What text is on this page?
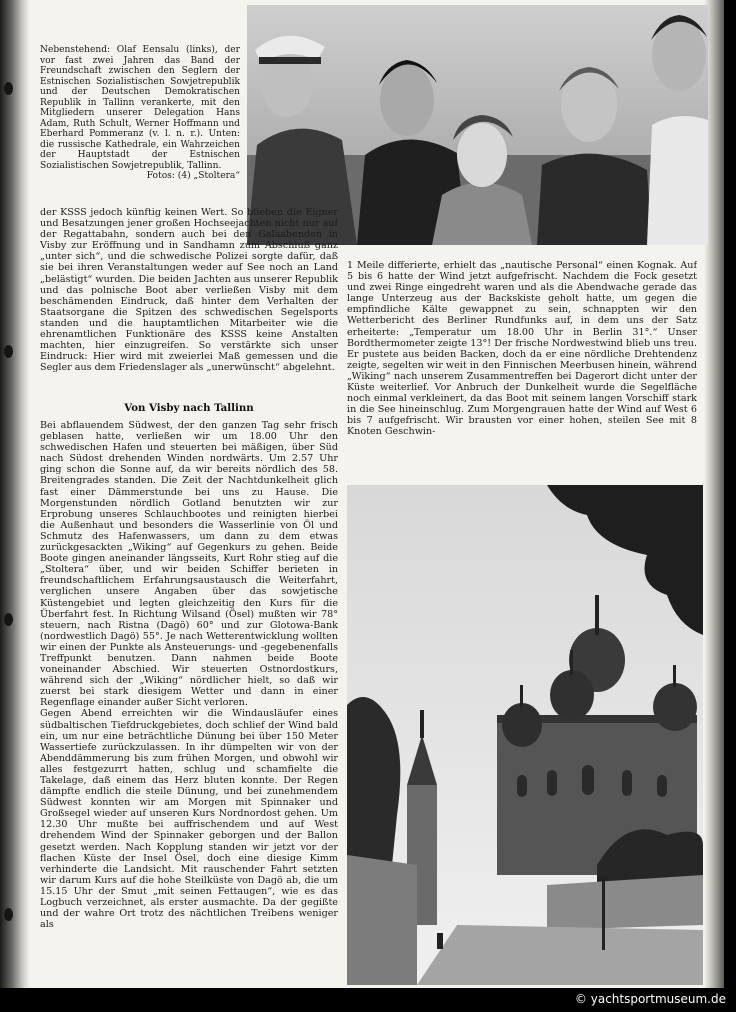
Nebenstehend: Olaf Eensalu (links), der vor fast zwei Jahren das Band der Freundschaft zwischen den Seglern der Estnischen Sozialistischen Sowjetrepublik und der Deutschen Demokratischen Republik in Tallinn verankerte, mit den Mitgliedern unserer Delegation Hans Adam, Ruth Schult, Werner Hoffmann und Eberhard Pommeranz (v. l. n. r.). Unten: die russische Kathedrale, ein Wahrzeichen der Hauptstadt der Estnischen Sozialistischen Sowjetrepublik, Tallinn.

Fotos: (4) „Stoltera“

der KSSS jedoch künftig keinen Wert. So blieben die Eigner und Besatzungen jener großen Hochseejachten nicht nur auf der Regattabahn, sondern auch bei den Galaabenden in Visby zur Eröffnung und in Sandhamn zum Abschluß ganz „unter sich“, und die schwedische Polizei sorgte dafür, daß sie bei ihren Veranstaltungen weder auf See noch an Land „belästigt“ wurden. Die beiden Jachten aus unserer Republik und das polnische Boot aber verließen Visby mit dem beschämenden Eindruck, daß hinter dem Verhalten der Staatsorgane die Spitzen des schwedischen Segelsports standen und die hauptamtlichen Mitarbeiter wie die ehrenamtlichen Funktionäre des KSSS keine Anstalten machten, hier einzugreifen. So verstärkte sich unser Eindruck: Hier wird mit zweierlei Maß gemessen und die Segler aus dem Friedenslager als „unerwünscht“ abgelehnt.

Von Visby nach Tallinn

Bei abflauendem Südwest, der den ganzen Tag sehr frisch geblasen hatte, verließen wir um 18.00 Uhr den schwedischen Hafen und steuerten bei mäßigen, über Süd nach Südost drehenden Winden nordwärts. Um 2.57 Uhr ging schon die Sonne auf, da wir bereits nördlich des 58. Breitengrades standen. Die Zeit der Nachtdunkelheit glich fast einer Dämmerstunde bei uns zu Hause. Die Morgenstunden nördlich Gotland benutzten wir zur Erprobung unseres Schlauchbootes und reinigten hierbei die Außenhaut und besonders die Wasserlinie von Öl und Schmutz des Hafenwassers, um dann zu dem etwas zurückgesackten „Wiking“ auf Gegenkurs zu gehen. Beide Boote gingen aneinander längsseits, Kurt Rohr stieg auf die „Stoltera“ über, und wir beiden Schiffer berieten in freundschaftlichem Erfahrungsaustausch die Weiterfahrt, verglichen unsere Angaben über das sowjetische Küstengebiet und legten gleichzeitig den Kurs für die Überfahrt fest. In Richtung Wilsand (Ösel) mußten wir 78° steuern, nach Ristna (Dagö) 60° und zur Glotowa-Bank (nordwestlich Dagö) 55°. Je nach Wetterentwicklung wollten wir einen der Punkte als Ansteuerungs- und -gegebenenfalls Treffpunkt benutzen. Dann nahmen beide Boote voneinander Abschied. Wir steuerten Ostnordostkurs, während sich der „Wiking“ nördlicher hielt, so daß wir zuerst bei stark diesigem Wetter und dann in einer Regenflage einander außer Sicht verloren.

Gegen Abend erreichten wir die Windausläufer eines südbaltischen Tiefdruckgebietes, doch schlief der Wind bald ein, um nur eine beträchtliche Dünung bei über 150 Meter Wassertiefe zurückzulassen. In ihr dümpelten wir von der Abenddämmerung bis zum frühen Morgen, und obwohl wir alles festgezurrt hatten, schlug und schamfielte die Takelage, daß einem das Herz bluten konnte. Der Regen dämpfte endlich die steile Dünung, und bei zunehmendem Südwest konnten wir am Morgen mit Spinnaker und Großsegel wieder auf unseren Kurs Nordnordost gehen. Um 12.30 Uhr mußte bei auffrischendem und auf West drehendem Wind der Spinnaker geborgen und der Ballon gesetzt werden. Nach Kopplung standen wir jetzt vor der flachen Küste der Insel Ösel, doch eine diesige Kimm verhinderte die Landsicht. Mit rauschender Fahrt setzten wir darum Kurs auf die hohe Steilküste von Dagö ab, die um 15.15 Uhr der Smut „mit seinen Fettaugen“, wie es das Logbuch verzeichnet, als erster ausmachte. Da der gegißte und der wahre Ort trotz des nächtlichen Treibens weniger als

1 Meile differierte, erhielt das „nautische Personal“ einen Kognak. Auf 5 bis 6 hatte der Wind jetzt aufgefrischt. Nachdem die Fock gesetzt und zwei Ringe eingedreht waren und als die Abendwache gerade das lange Unterzeug aus der Backskiste geholt hatte, um gegen die empfindliche Kälte gewappnet zu sein, schnappten wir den Wetterbericht des Berliner Rundfunks auf, in dem uns der Satz erheiterte: „Temperatur um 18.00 Uhr in Berlin 31°.“ Unser Bordthermometer zeigte 13°! Der frische Nordwestwind blieb uns treu. Er pustete aus beiden Backen, doch da er eine nördliche Drehtendenz zeigte, segelten wir weit in den Finnischen Meerbusen hinein, während „Wiking“ nach unserem Zusammentreffen bei Dagerort dicht unter der Küste weiterlief. Vor Anbruch der Dunkelheit wurde die Segelfläche noch einmal verkleinert, da das Boot mit seinem langen Vorschiff stark in die See hineinschlug. Zum Morgengrauen hatte der Wind auf West 6 bis 7 aufgefrischt. Wir brausten vor einer hohen, steilen See mit 8 Knoten Geschwin-

© yachtsportmuseum.de
